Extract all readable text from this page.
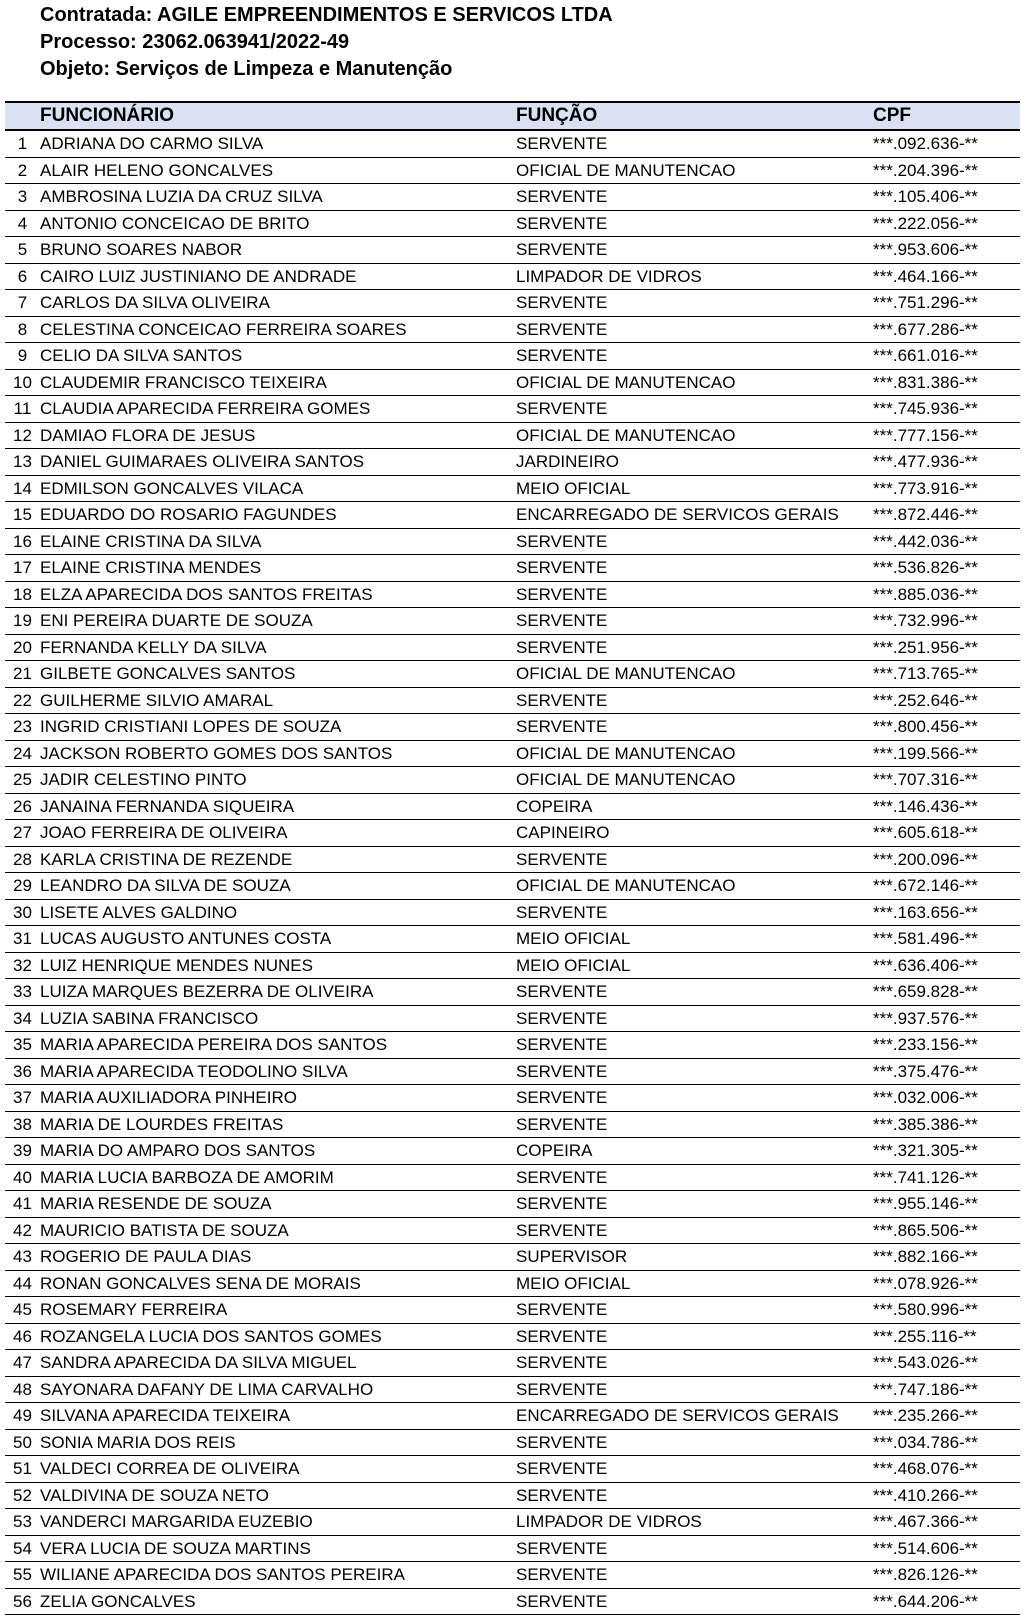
Contratada: AGILE EMPREENDIMENTOS E SERVICOS LTDA
Processo: 23062.063941/2022-49
Objeto: Serviços de Limpeza e Manutenção
	FUNCIONÁRIO	FUNÇÃO	CPF
1	ADRIANA DO CARMO SILVA	SERVENTE	***.092.636-**
2	ALAIR HELENO GONCALVES	OFICIAL DE MANUTENCAO	***.204.396-**
3	AMBROSINA LUZIA DA CRUZ SILVA	SERVENTE	***.105.406-**
4	ANTONIO CONCEICAO DE BRITO	SERVENTE	***.222.056-**
5	BRUNO SOARES NABOR	SERVENTE	***.953.606-**
6	CAIRO LUIZ JUSTINIANO DE ANDRADE	LIMPADOR DE VIDROS	***.464.166-**
7	CARLOS DA SILVA OLIVEIRA	SERVENTE	***.751.296-**
8	CELESTINA CONCEICAO FERREIRA SOARES	SERVENTE	***.677.286-**
9	CELIO DA SILVA SANTOS	SERVENTE	***.661.016-**
10	CLAUDEMIR FRANCISCO TEIXEIRA	OFICIAL DE MANUTENCAO	***.831.386-**
11	CLAUDIA APARECIDA FERREIRA GOMES	SERVENTE	***.745.936-**
12	DAMIAO FLORA DE JESUS	OFICIAL DE MANUTENCAO	***.777.156-**
13	DANIEL GUIMARAES OLIVEIRA SANTOS	JARDINEIRO	***.477.936-**
14	EDMILSON GONCALVES VILACA	MEIO OFICIAL	***.773.916-**
15	EDUARDO DO ROSARIO FAGUNDES	ENCARREGADO DE SERVICOS GERAIS	***.872.446-**
16	ELAINE CRISTINA DA SILVA	SERVENTE	***.442.036-**
17	ELAINE CRISTINA MENDES	SERVENTE	***.536.826-**
18	ELZA APARECIDA DOS SANTOS FREITAS	SERVENTE	***.885.036-**
19	ENI PEREIRA DUARTE DE SOUZA	SERVENTE	***.732.996-**
20	FERNANDA KELLY DA SILVA	SERVENTE	***.251.956-**
21	GILBETE GONCALVES SANTOS	OFICIAL DE MANUTENCAO	***.713.765-**
22	GUILHERME SILVIO AMARAL	SERVENTE	***.252.646-**
23	INGRID CRISTIANI LOPES DE SOUZA	SERVENTE	***.800.456-**
24	JACKSON ROBERTO GOMES DOS SANTOS	OFICIAL DE MANUTENCAO	***.199.566-**
25	JADIR CELESTINO PINTO	OFICIAL DE MANUTENCAO	***.707.316-**
26	JANAINA FERNANDA SIQUEIRA	COPEIRA	***.146.436-**
27	JOAO FERREIRA DE OLIVEIRA	CAPINEIRO	***.605.618-**
28	KARLA CRISTINA DE REZENDE	SERVENTE	***.200.096-**
29	LEANDRO DA SILVA DE SOUZA	OFICIAL DE MANUTENCAO	***.672.146-**
30	LISETE ALVES GALDINO	SERVENTE	***.163.656-**
31	LUCAS AUGUSTO ANTUNES COSTA	MEIO OFICIAL	***.581.496-**
32	LUIZ HENRIQUE MENDES NUNES	MEIO OFICIAL	***.636.406-**
33	LUIZA MARQUES BEZERRA DE OLIVEIRA	SERVENTE	***.659.828-**
34	LUZIA SABINA FRANCISCO	SERVENTE	***.937.576-**
35	MARIA APARECIDA PEREIRA DOS SANTOS	SERVENTE	***.233.156-**
36	MARIA APARECIDA TEODOLINO SILVA	SERVENTE	***.375.476-**
37	MARIA AUXILIADORA PINHEIRO	SERVENTE	***.032.006-**
38	MARIA DE LOURDES FREITAS	SERVENTE	***.385.386-**
39	MARIA DO AMPARO DOS SANTOS	COPEIRA	***.321.305-**
40	MARIA LUCIA BARBOZA DE AMORIM	SERVENTE	***.741.126-**
41	MARIA RESENDE DE SOUZA	SERVENTE	***.955.146-**
42	MAURICIO BATISTA DE SOUZA	SERVENTE	***.865.506-**
43	ROGERIO DE PAULA DIAS	SUPERVISOR	***.882.166-**
44	RONAN GONCALVES SENA DE MORAIS	MEIO OFICIAL	***.078.926-**
45	ROSEMARY FERREIRA	SERVENTE	***.580.996-**
46	ROZANGELA LUCIA DOS SANTOS GOMES	SERVENTE	***.255.116-**
47	SANDRA APARECIDA DA SILVA MIGUEL	SERVENTE	***.543.026-**
48	SAYONARA DAFANY DE LIMA CARVALHO	SERVENTE	***.747.186-**
49	SILVANA APARECIDA TEIXEIRA	ENCARREGADO DE SERVICOS GERAIS	***.235.266-**
50	SONIA MARIA DOS REIS	SERVENTE	***.034.786-**
51	VALDECI CORREA DE OLIVEIRA	SERVENTE	***.468.076-**
52	VALDIVINA DE SOUZA NETO	SERVENTE	***.410.266-**
53	VANDERCI MARGARIDA EUZEBIO	LIMPADOR DE VIDROS	***.467.366-**
54	VERA LUCIA DE SOUZA MARTINS	SERVENTE	***.514.606-**
55	WILIANE APARECIDA DOS SANTOS PEREIRA	SERVENTE	***.826.126-**
56	ZELIA GONCALVES	SERVENTE	***.644.206-**
